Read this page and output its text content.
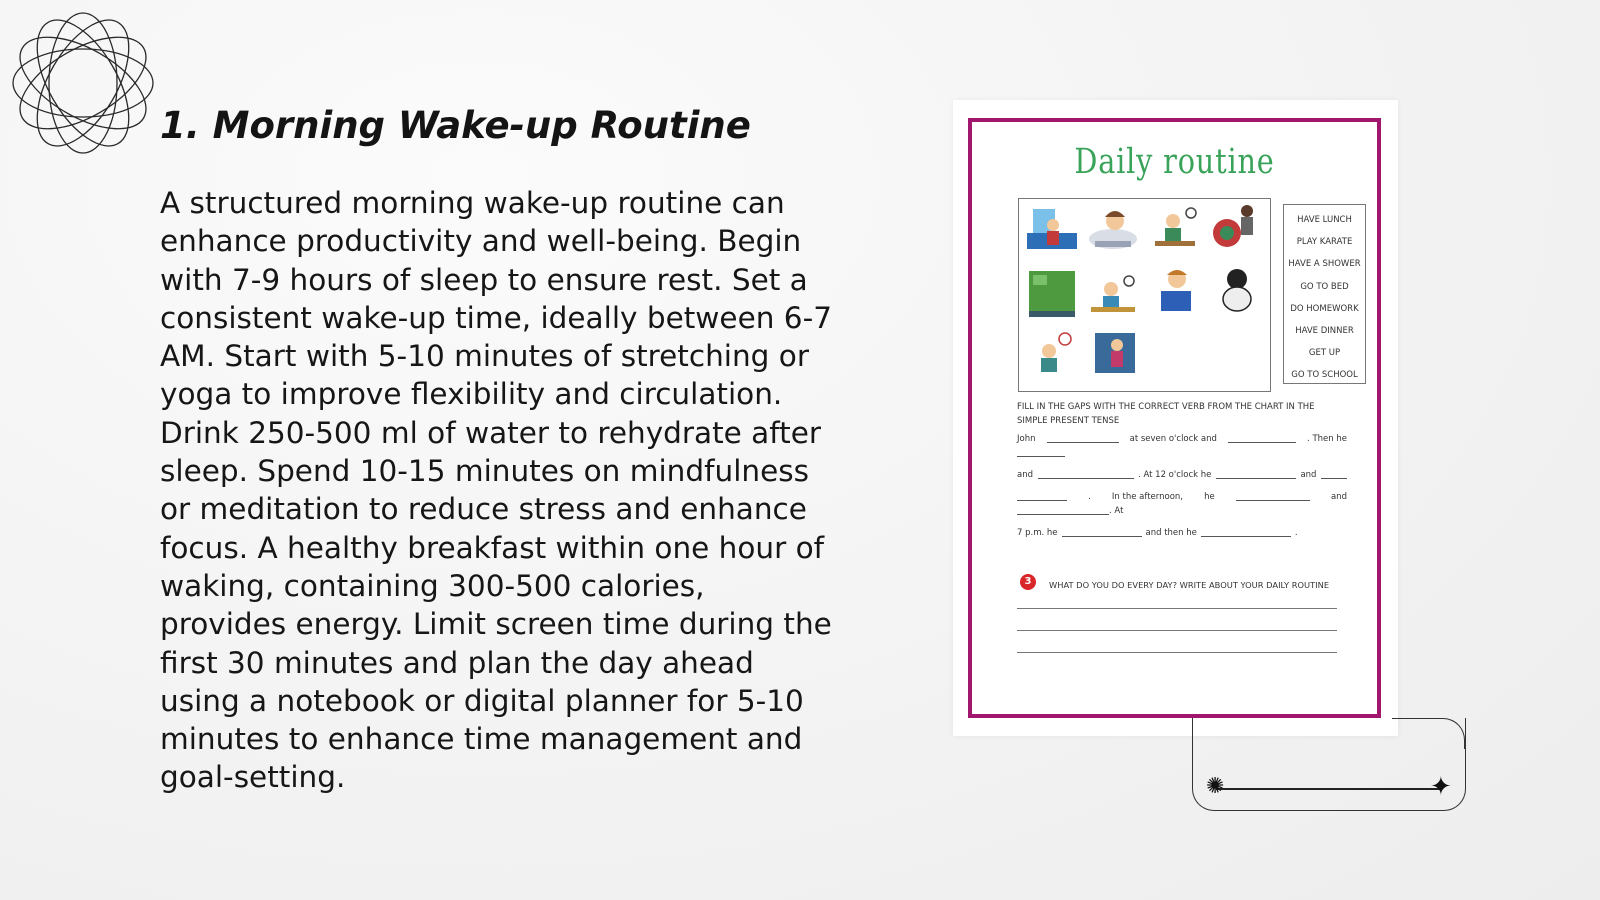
1. Morning Wake-up Routine

A structured morning wake-up routine can enhance productivity and well-being. Begin with 7-9 hours of sleep to ensure rest. Set a consistent wake-up time, ideally between 6-7 AM. Start with 5-10 minutes of stretching or yoga to improve flexibility and circulation. Drink 250-500 ml of water to rehydrate after sleep. Spend 10-15 minutes on mindfulness or meditation to reduce stress and enhance focus. A healthy breakfast within one hour of waking, containing 300-500 calories, provides energy. Limit screen time during the first 30 minutes and plan the day ahead using a notebook or digital planner for 5-10 minutes to enhance time management and goal-setting.

Daily routine
HAVE LUNCH
PLAY KARATE
HAVE A SHOWER
GO TO BED
DO HOMEWORK
HAVE DINNER
GET UP
GO TO SCHOOL
FILL IN THE GAPS WITH THE CORRECT VERB FROM THE CHART IN THE SIMPLE PRESENT TENSE
John	at seven o'clock and	. Then he
and	. At 12 o'clock he	and
. In the afternoon, he	and
. At
7 p.m. he	and then he	.
3	WHAT DO YOU DO EVERY DAY? WRITE ABOUT YOUR DAILY ROUTINE
✺	✦
